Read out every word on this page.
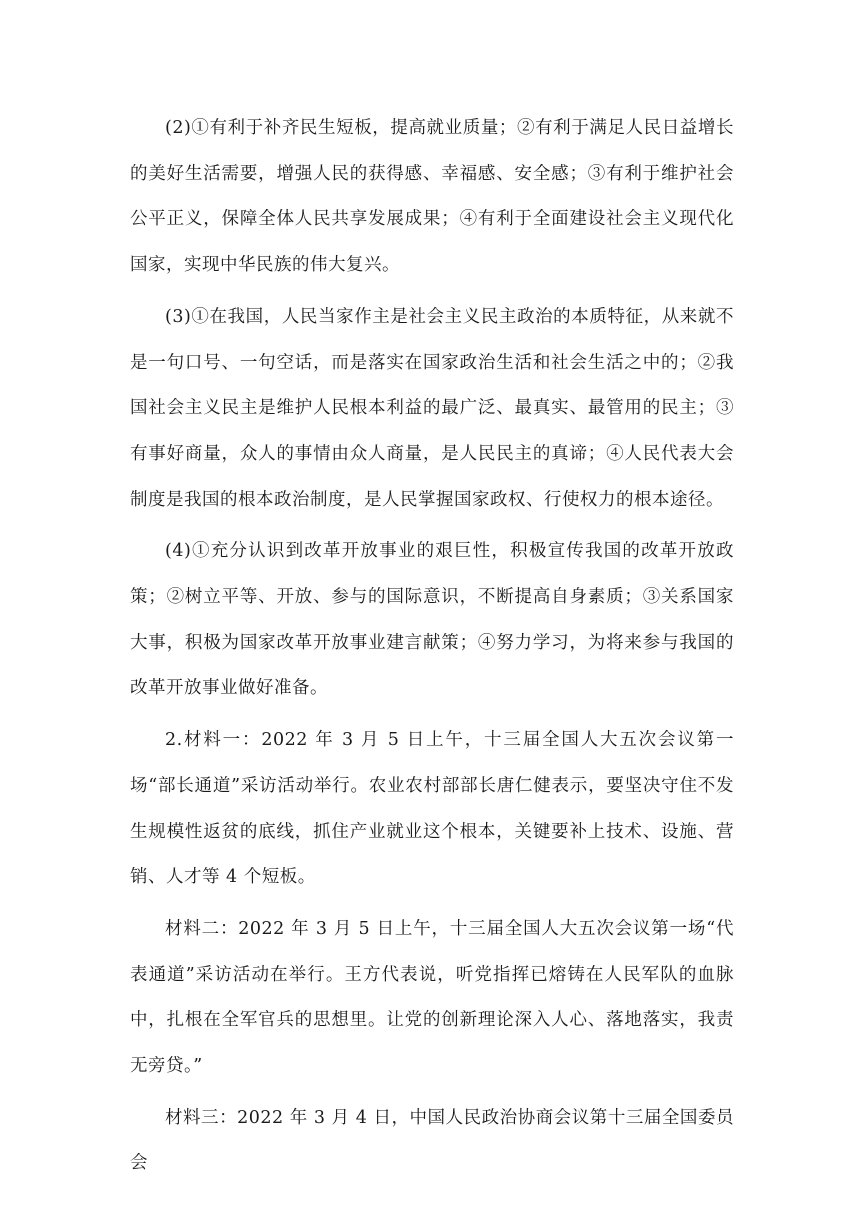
(2)①有利于补齐民生短板，提高就业质量；②有利于满足人民日益增长的美好生活需要，增强人民的获得感、幸福感、安全感；③有利于维护社会公平正义，保障全体人民共享发展成果；④有利于全面建设社会主义现代化国家，实现中华民族的伟大复兴。

(3)①在我国，人民当家作主是社会主义民主政治的本质特征，从来就不是一句口号、一句空话，而是落实在国家政治生活和社会生活之中的；②我国社会主义民主是维护人民根本利益的最广泛、最真实、最管用的民主；③有事好商量，众人的事情由众人商量，是人民民主的真谛；④人民代表大会制度是我国的根本政治制度，是人民掌握国家政权、行使权力的根本途径。

(4)①充分认识到改革开放事业的艰巨性，积极宣传我国的改革开放政策；②树立平等、开放、参与的国际意识，不断提高自身素质；③关系国家大事，积极为国家改革开放事业建言献策；④努力学习，为将来参与我国的改革开放事业做好准备。

2.材料一：2022 年 3 月 5 日上午，十三届全国人大五次会议第一场“部长通道”采访活动举行。农业农村部部长唐仁健表示，要坚决守住不发生规模性返贫的底线，抓住产业就业这个根本，关键要补上技术、设施、营销、人才等 4 个短板。

材料二：2022 年 3 月 5 日上午，十三届全国人大五次会议第一场“代表通道”采访活动在举行。王方代表说，听党指挥已熔铸在人民军队的血脉中，扎根在全军官兵的思想里。让党的创新理论深入人心、落地落实，我责无旁贷。”

材料三：2022 年 3 月 4 日，中国人民政治协商会议第十三届全国委员会
